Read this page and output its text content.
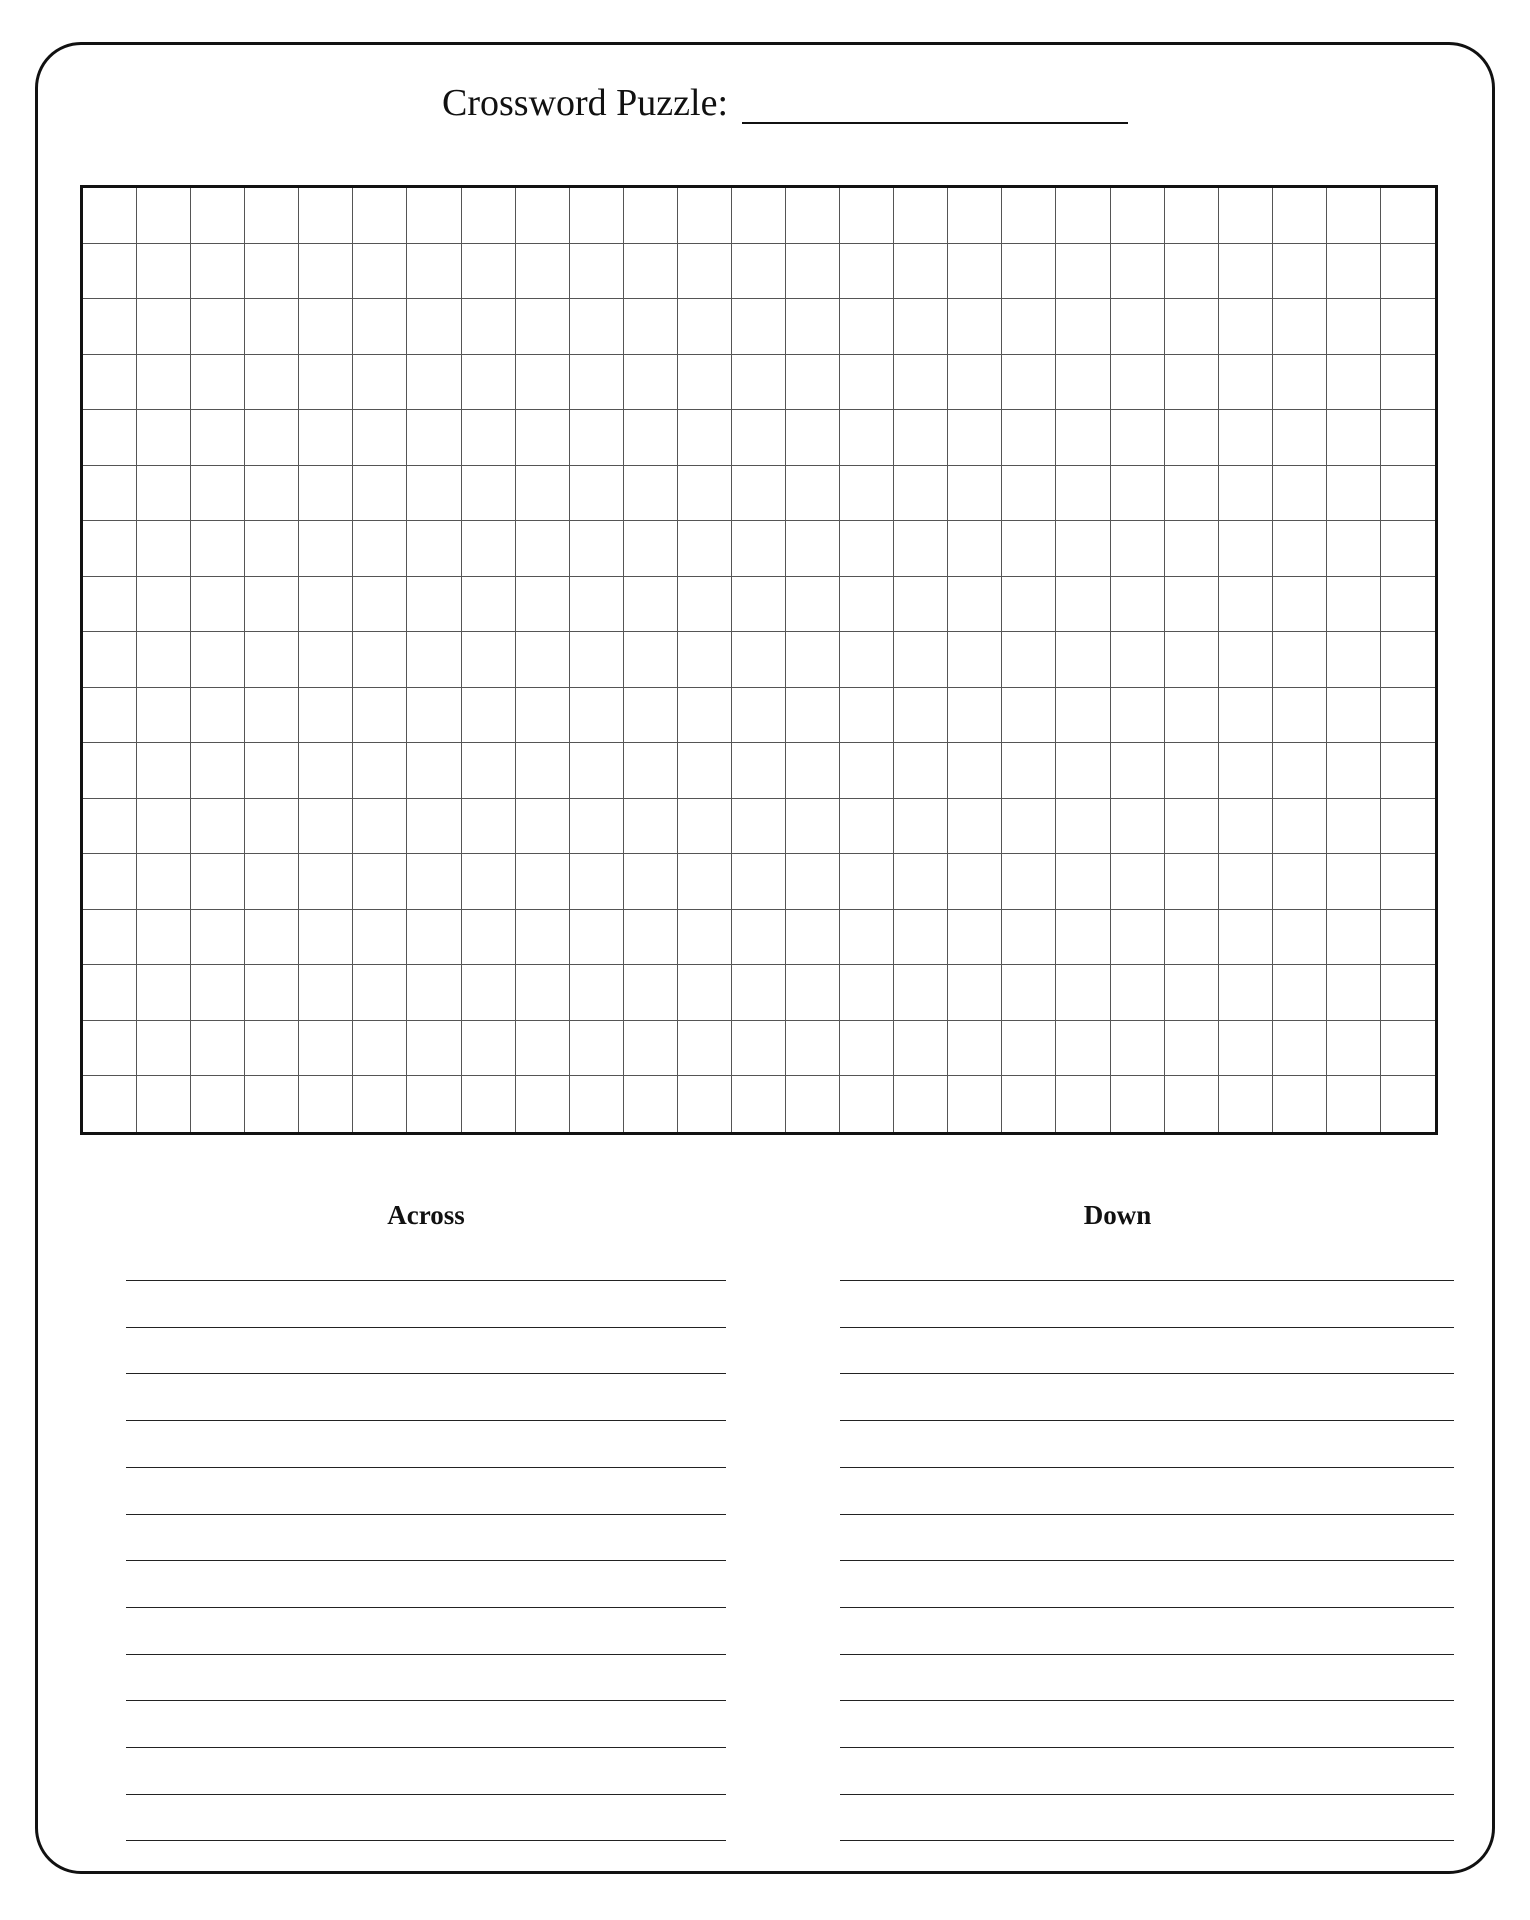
Crossword Puzzle:
Across	Down
